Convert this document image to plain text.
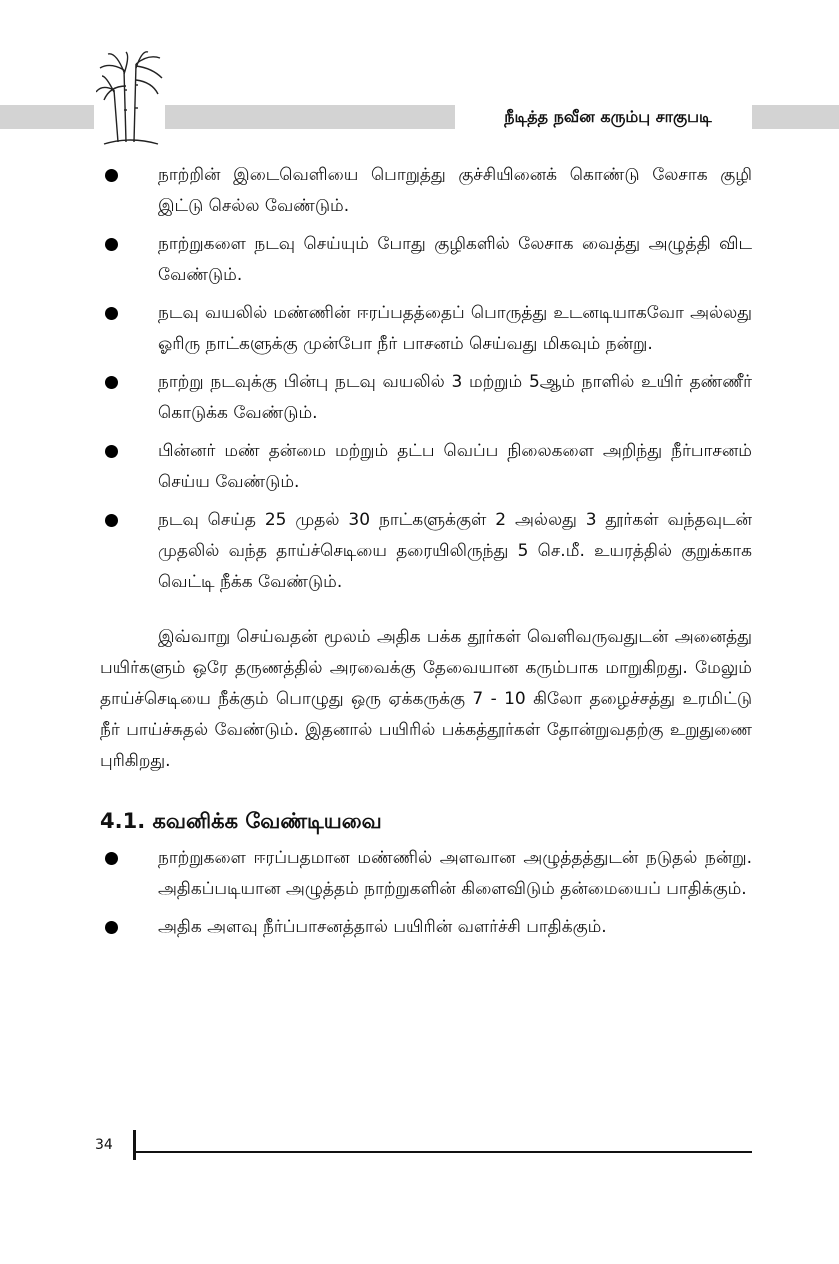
நீடித்த நவீன கரும்பு சாகுபடி
நாற்றின் இடைவெளியை பொறுத்து குச்சியினைக் கொண்டு லேசாக குழி இட்டு செல்ல வேண்டும்.
நாற்றுகளை நடவு செய்யும் போது குழிகளில் லேசாக வைத்து அழுத்தி விட வேண்டும்.
நடவு வயலில் மண்ணின் ஈரப்பதத்தைப் பொருத்து உடனடியாகவோ அல்லது ஓரிரு நாட்களுக்கு முன்போ நீர் பாசனம் செய்வது மிகவும் நன்று.
நாற்று நடவுக்கு பின்பு நடவு வயலில் 3 மற்றும் 5ஆம் நாளில் உயிர் தண்ணீர் கொடுக்க வேண்டும்.
பின்னர் மண் தன்மை மற்றும் தட்ப வெப்ப நிலைகளை அறிந்து நீர்பாசனம் செய்ய வேண்டும்.
நடவு செய்த 25 முதல் 30 நாட்களுக்குள் 2 அல்லது 3 தூர்கள் வந்தவுடன் முதலில் வந்த தாய்ச்செடியை தரையிலிருந்து 5 செ.மீ. உயரத்தில் குறுக்காக வெட்டி நீக்க வேண்டும்.

இவ்வாறு செய்வதன் மூலம் அதிக பக்க தூர்கள் வெளிவருவதுடன் அனைத்து பயிர்களும் ஒரே தருணத்தில் அரவைக்கு தேவையான கரும்பாக மாறுகிறது. மேலும் தாய்ச்செடியை நீக்கும் பொழுது ஒரு ஏக்கருக்கு 7 - 10 கிலோ தழைச்சத்து உரமிட்டு நீர் பாய்ச்சுதல் வேண்டும். இதனால் பயிரில் பக்கத்தூர்கள் தோன்றுவதற்கு உறுதுணை புரிகிறது.

4.1. கவனிக்க வேண்டியவை
நாற்றுகளை ஈரப்பதமான மண்ணில் அளவான அழுத்தத்துடன் நடுதல் நன்று. அதிகப்படியான அழுத்தம் நாற்றுகளின் கிளைவிடும் தன்மையைப் பாதிக்கும்.
அதிக அளவு நீர்ப்பாசனத்தால் பயிரின் வளர்ச்சி பாதிக்கும்.
34
